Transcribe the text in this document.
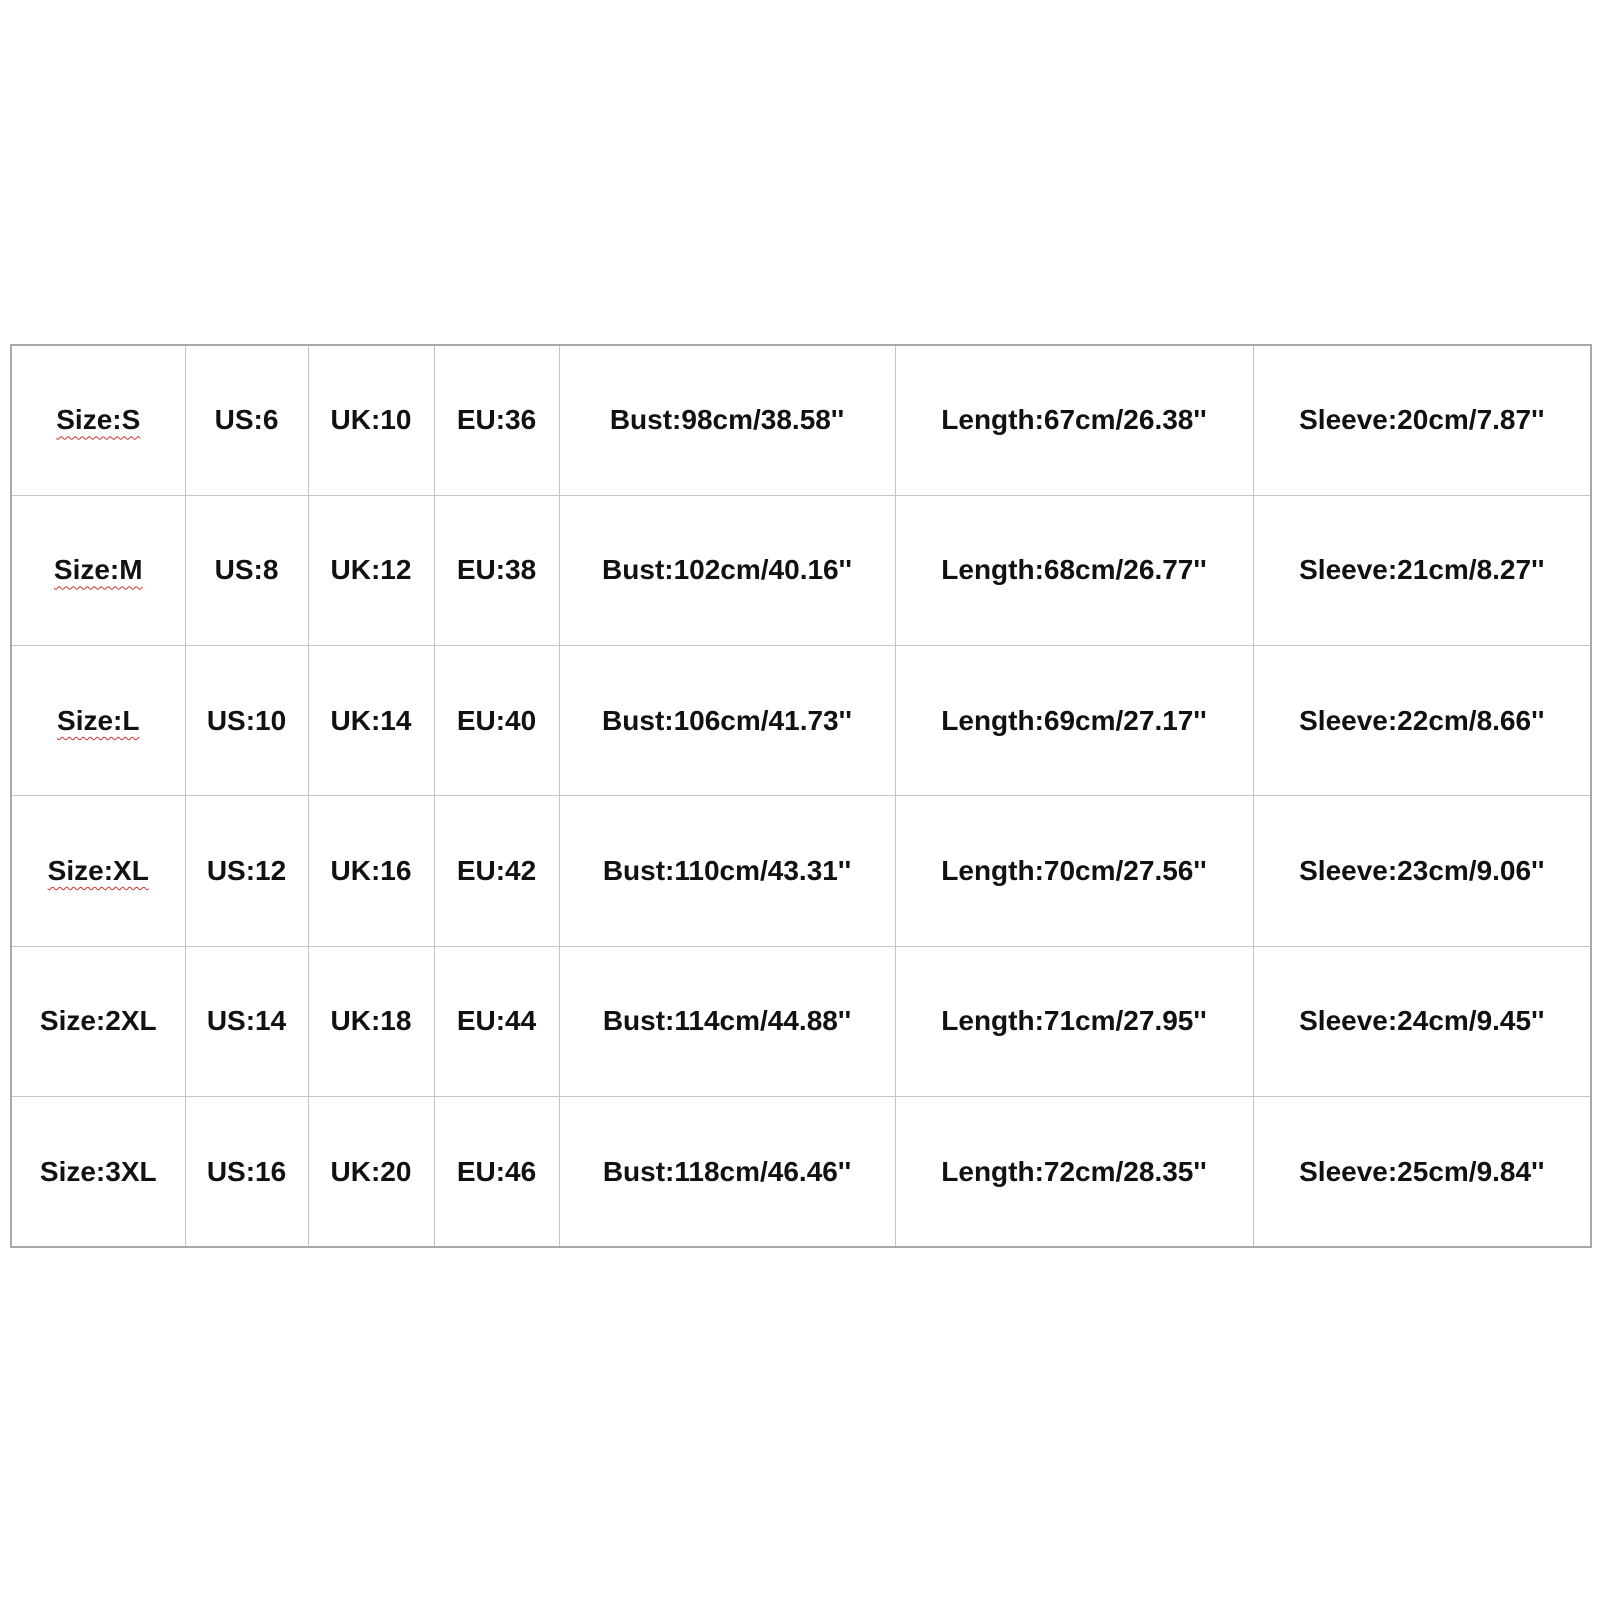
Size:S	US:6	UK:10	EU:36	Bust:98cm/38.58''	Length:67cm/26.38''	Sleeve:20cm/7.87''
Size:M	US:8	UK:12	EU:38	Bust:102cm/40.16''	Length:68cm/26.77''	Sleeve:21cm/8.27''
Size:L	US:10	UK:14	EU:40	Bust:106cm/41.73''	Length:69cm/27.17''	Sleeve:22cm/8.66''
Size:XL	US:12	UK:16	EU:42	Bust:110cm/43.31''	Length:70cm/27.56''	Sleeve:23cm/9.06''
Size:2XL	US:14	UK:18	EU:44	Bust:114cm/44.88''	Length:71cm/27.95''	Sleeve:24cm/9.45''
Size:3XL	US:16	UK:20	EU:46	Bust:118cm/46.46''	Length:72cm/28.35''	Sleeve:25cm/9.84''
